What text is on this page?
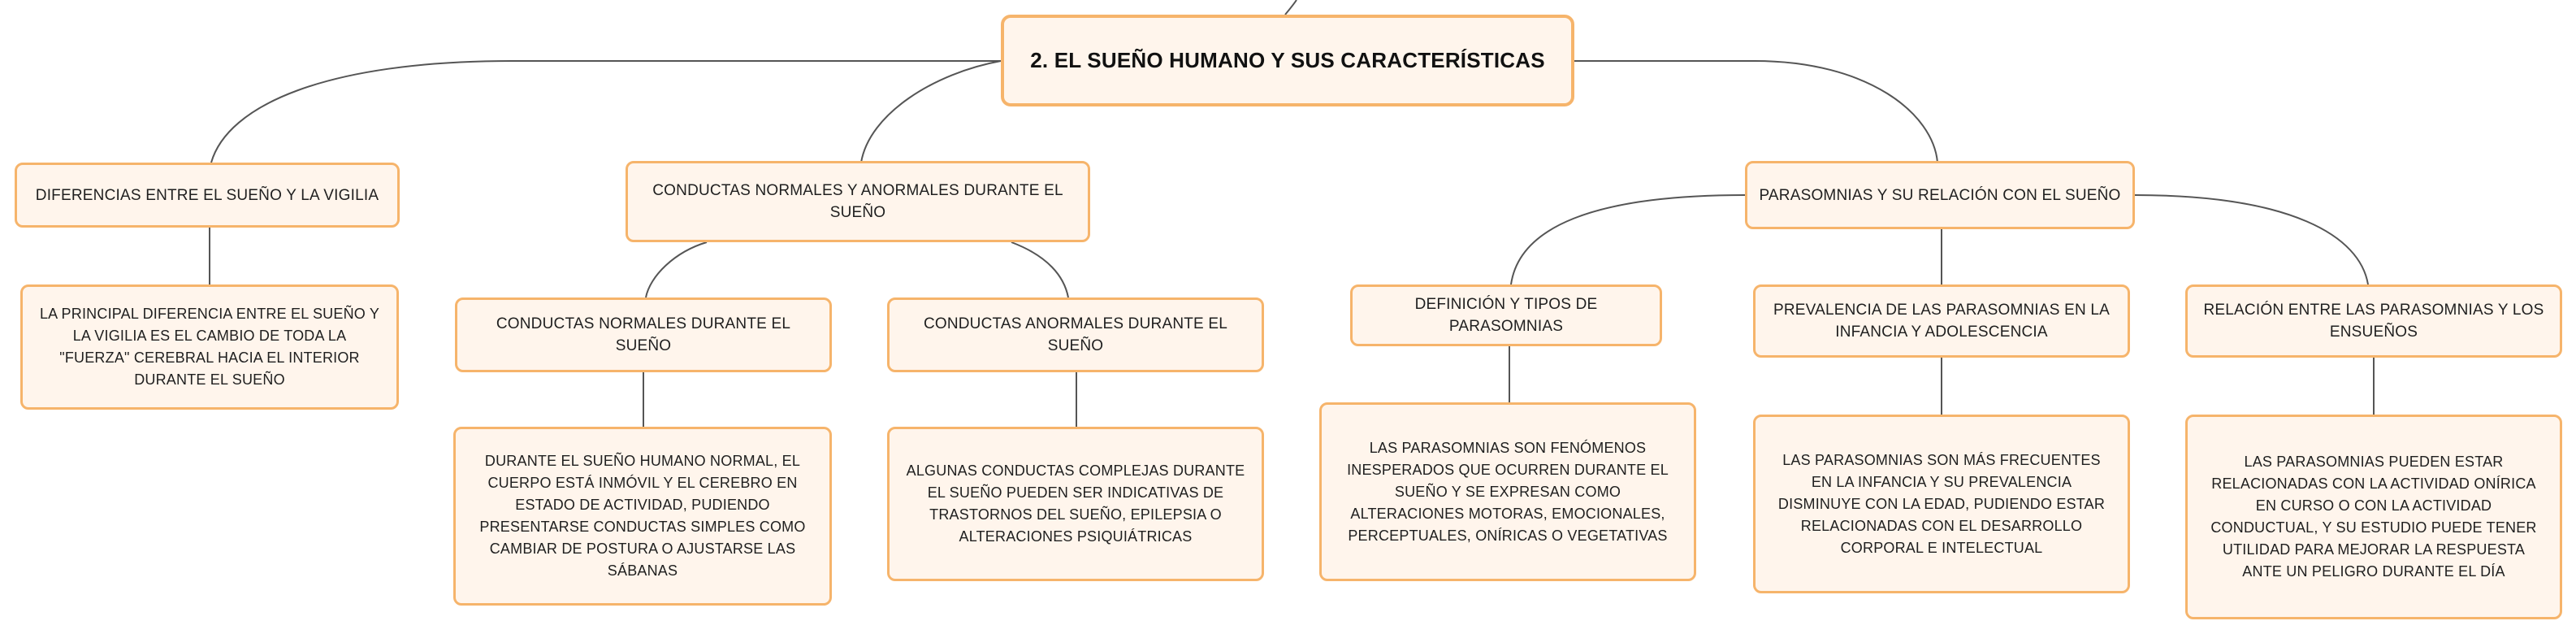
2. EL SUEÑO HUMANO Y SUS CARACTERÍSTICAS
DIFERENCIAS ENTRE EL SUEÑO Y LA VIGILIA
LA PRINCIPAL DIFERENCIA ENTRE EL SUEÑO Y LA VIGILIA ES EL CAMBIO DE TODA LA "FUERZA" CEREBRAL HACIA EL INTERIOR DURANTE EL SUEÑO
CONDUCTAS NORMALES Y ANORMALES DURANTE EL SUEÑO
CONDUCTAS NORMALES DURANTE EL SUEÑO
DURANTE EL SUEÑO HUMANO NORMAL, EL CUERPO ESTÁ INMÓVIL Y EL CEREBRO EN ESTADO DE ACTIVIDAD, PUDIENDO PRESENTARSE CONDUCTAS SIMPLES COMO CAMBIAR DE POSTURA O AJUSTARSE LAS SÁBANAS
CONDUCTAS ANORMALES DURANTE EL SUEÑO
ALGUNAS CONDUCTAS COMPLEJAS DURANTE EL SUEÑO PUEDEN SER INDICATIVAS DE TRASTORNOS DEL SUEÑO, EPILEPSIA O ALTERACIONES PSIQUIÁTRICAS
PARASOMNIAS Y SU RELACIÓN CON EL SUEÑO
DEFINICIÓN Y TIPOS DE PARASOMNIAS
LAS PARASOMNIAS SON FENÓMENOS INESPERADOS QUE OCURREN DURANTE EL SUEÑO Y SE EXPRESAN COMO ALTERACIONES MOTORAS, EMOCIONALES, PERCEPTUALES, ONÍRICAS O VEGETATIVAS
PREVALENCIA DE LAS PARASOMNIAS EN LA INFANCIA Y ADOLESCENCIA
LAS PARASOMNIAS SON MÁS FRECUENTES EN LA INFANCIA Y SU PREVALENCIA DISMINUYE CON LA EDAD, PUDIENDO ESTAR RELACIONADAS CON EL DESARROLLO CORPORAL E INTELECTUAL
RELACIÓN ENTRE LAS PARASOMNIAS Y LOS ENSUEÑOS
LAS PARASOMNIAS PUEDEN ESTAR RELACIONADAS CON LA ACTIVIDAD ONÍRICA EN CURSO O CON LA ACTIVIDAD CONDUCTUAL, Y SU ESTUDIO PUEDE TENER UTILIDAD PARA MEJORAR LA RESPUESTA ANTE UN PELIGRO DURANTE EL DÍA
